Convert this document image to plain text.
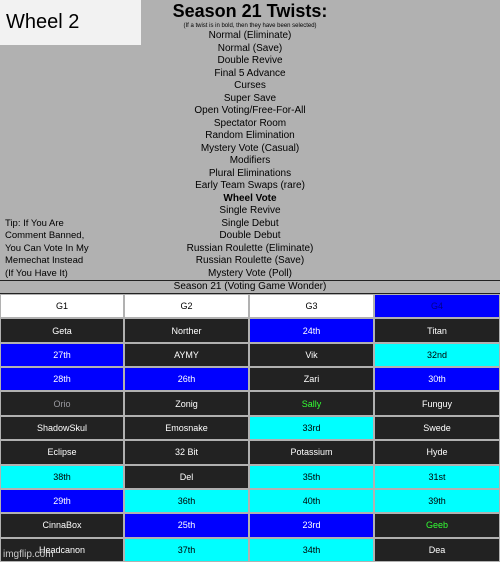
Wheel 2	Season 21 Twists:
(If a twist is in bold, then they have been selected)
Normal (Eliminate)
Normal (Save)
Double Revive
Final 5 Advance
Curses
Super Save
Open Voting/Free-For-All
Spectator Room
Random Elimination
Mystery Vote (Casual)
Modifiers
Plural Eliminations
Early Team Swaps (rare)
Wheel Vote
Single Revive
Single Debut
Double Debut
Russian Roulette (Eliminate)
Russian Roulette (Save)
Mystery Vote (Poll)
Tip: If You Are
Comment Banned,
You Can Vote In My
Memechat Instead
(If You Have It)
Season 21 (Voting Game Wonder)
G1	G2	G3	G4
Geta	Norther	24th	Titan
27th	AYMY	Vik	32nd
28th	26th	Zari	30th
Orio	Zonig	Sally	Funguy
ShadowSkul	Emosnake	33rd	Swede
Eclipse	32 Bit	Potassium	Hyde
38th	Del	35th	31st
29th	36th	40th	39th
CinnaBox	25th	23rd	Geeb
Headcanon	37th	34th	Dea
imgflip.com
